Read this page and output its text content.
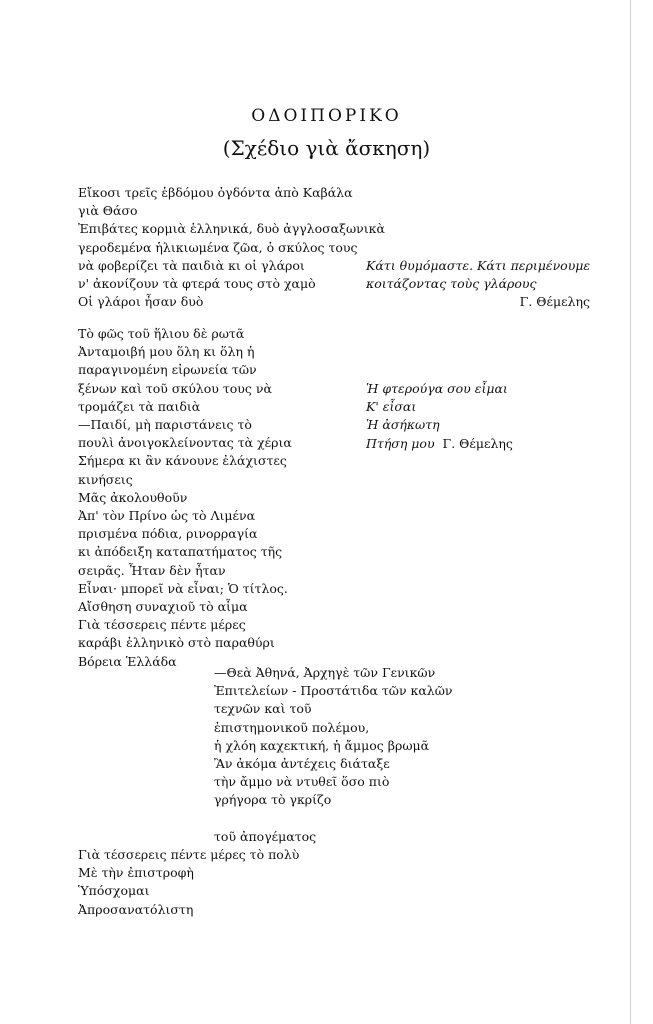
ΟΔΟΙΠΟΡΙΚΟ
(Σχέδιο γιὰ ἄσκηση)
Εἴκοσι τρεῖς ἑβδόμου ὀγδόντα ἀπὸ Καβάλα
γιὰ Θάσο
Ἐπιβάτες κορμιὰ ἑλληνικά, δυὸ ἀγγλοσαξωνικὰ
γεροδεμένα ἡλικιωμένα ζῶα, ὁ σκύλος τους
νὰ φοβερίζει τὰ παιδιὰ κι οἱ γλάροι
ν' ἀκονίζουν τὰ φτερά τους στὸ χαμὸ
Οἱ γλάροι ἦσαν δυὸ
Κάτι θυμόμαστε. Κάτι περιμένουμε
κοιτάζοντας τοὺς γλάρους
Γ. Θέμελης
Τὸ φῶς τοῦ ἥλιου δὲ ρωτᾶ
Ἀνταμοιβή μου ὅλη κι ὅλη ἡ
παραγινομένη εἰρωνεία τῶν
ξένων καὶ τοῦ σκύλου τους νὰ
τρομάζει τὰ παιδιὰ
—Παιδί, μὴ παριστάνεις τὸ
πουλὶ ἀνοιγοκλείνοντας τὰ χέρια
Σήμερα κι ἂν κάνουνε ἐλάχιστες
κινήσεις
Μᾶς ἀκολουθοῦν
Ἀπ' τὸν Πρίνο ὡς τὸ Λιμένα
πρισμένα πόδια, ρινορραγία
κι ἀπόδειξη καταπατήματος τῆς
σειρᾶς. Ἦταν δὲν ἦταν
Εἶναι· μπορεῖ νὰ εἶναι; Ὁ τίτλος.
Αἴσθηση συναχιοῦ τὸ αἷμα
Γιὰ τέσσερεις πέντε μέρες
καράβι ἑλληνικὸ στὸ παραθύρι
Βόρεια Ἑλλάδα
Ἡ φτερούγα σου εἶμαι
Κ' εἶσαι
Ἡ ἀσήκωτη
Πτήση μου Γ. Θέμελης
—Θεὰ Ἀθηνά, Ἀρχηγὲ τῶν Γενικῶν
Ἐπιτελείων - Προστάτιδα τῶν καλῶν
τεχνῶν καὶ τοῦ
ἐπιστημονικοῦ πολέμου,
ἡ χλόη καχεκτική, ἡ ἄμμος βρωμᾶ
Ἂν ἀκόμα ἀντέχεις διάταξε
τὴν ἄμμο νὰ ντυθεῖ ὅσο πιὸ
γρήγορα τὸ γκρίζο

τοῦ ἀπογέματος
Γιὰ τέσσερεις πέντε μέρες τὸ πολὺ
Μὲ τὴν ἐπιστροφὴ
Ὑπόσχομαι
Ἀπροσανατόλιστη
